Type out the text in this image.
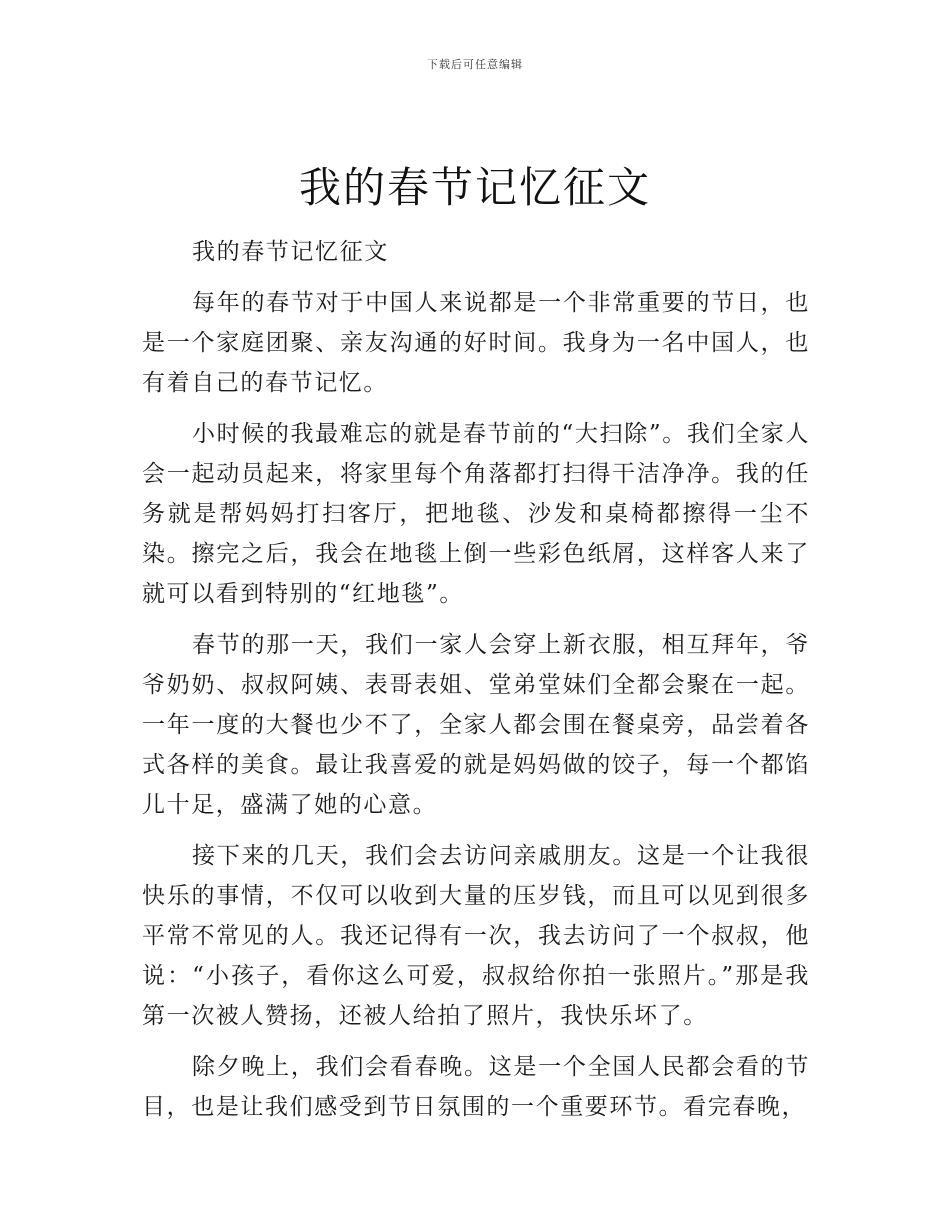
下载后可任意编辑
我的春节记忆征文

我的春节记忆征文

每年的春节对于中国人来说都是一个非常重要的节日，也是一个家庭团聚、亲友沟通的好时间。我身为一名中国人，也有着自己的春节记忆。

小时候的我最难忘的就是春节前的“大扫除”。我们全家人会一起动员起来，将家里每个角落都打扫得干洁净净。我的任务就是帮妈妈打扫客厅，把地毯、沙发和桌椅都擦得一尘不染。擦完之后，我会在地毯上倒一些彩色纸屑，这样客人来了就可以看到特别的“红地毯”。

春节的那一天，我们一家人会穿上新衣服，相互拜年，爷爷奶奶、叔叔阿姨、表哥表姐、堂弟堂妹们全都会聚在一起。一年一度的大餐也少不了，全家人都会围在餐桌旁，品尝着各式各样的美食。最让我喜爱的就是妈妈做的饺子，每一个都馅儿十足，盛满了她的心意。

接下来的几天，我们会去访问亲戚朋友。这是一个让我很快乐的事情，不仅可以收到大量的压岁钱，而且可以见到很多平常不常见的人。我还记得有一次，我去访问了一个叔叔，他说：“小孩子，看你这么可爱，叔叔给你拍一张照片。”那是我第一次被人赞扬，还被人给拍了照片，我快乐坏了。

除夕晚上，我们会看春晚。这是一个全国人民都会看的节目，也是让我们感受到节日氛围的一个重要环节。看完春晚，
